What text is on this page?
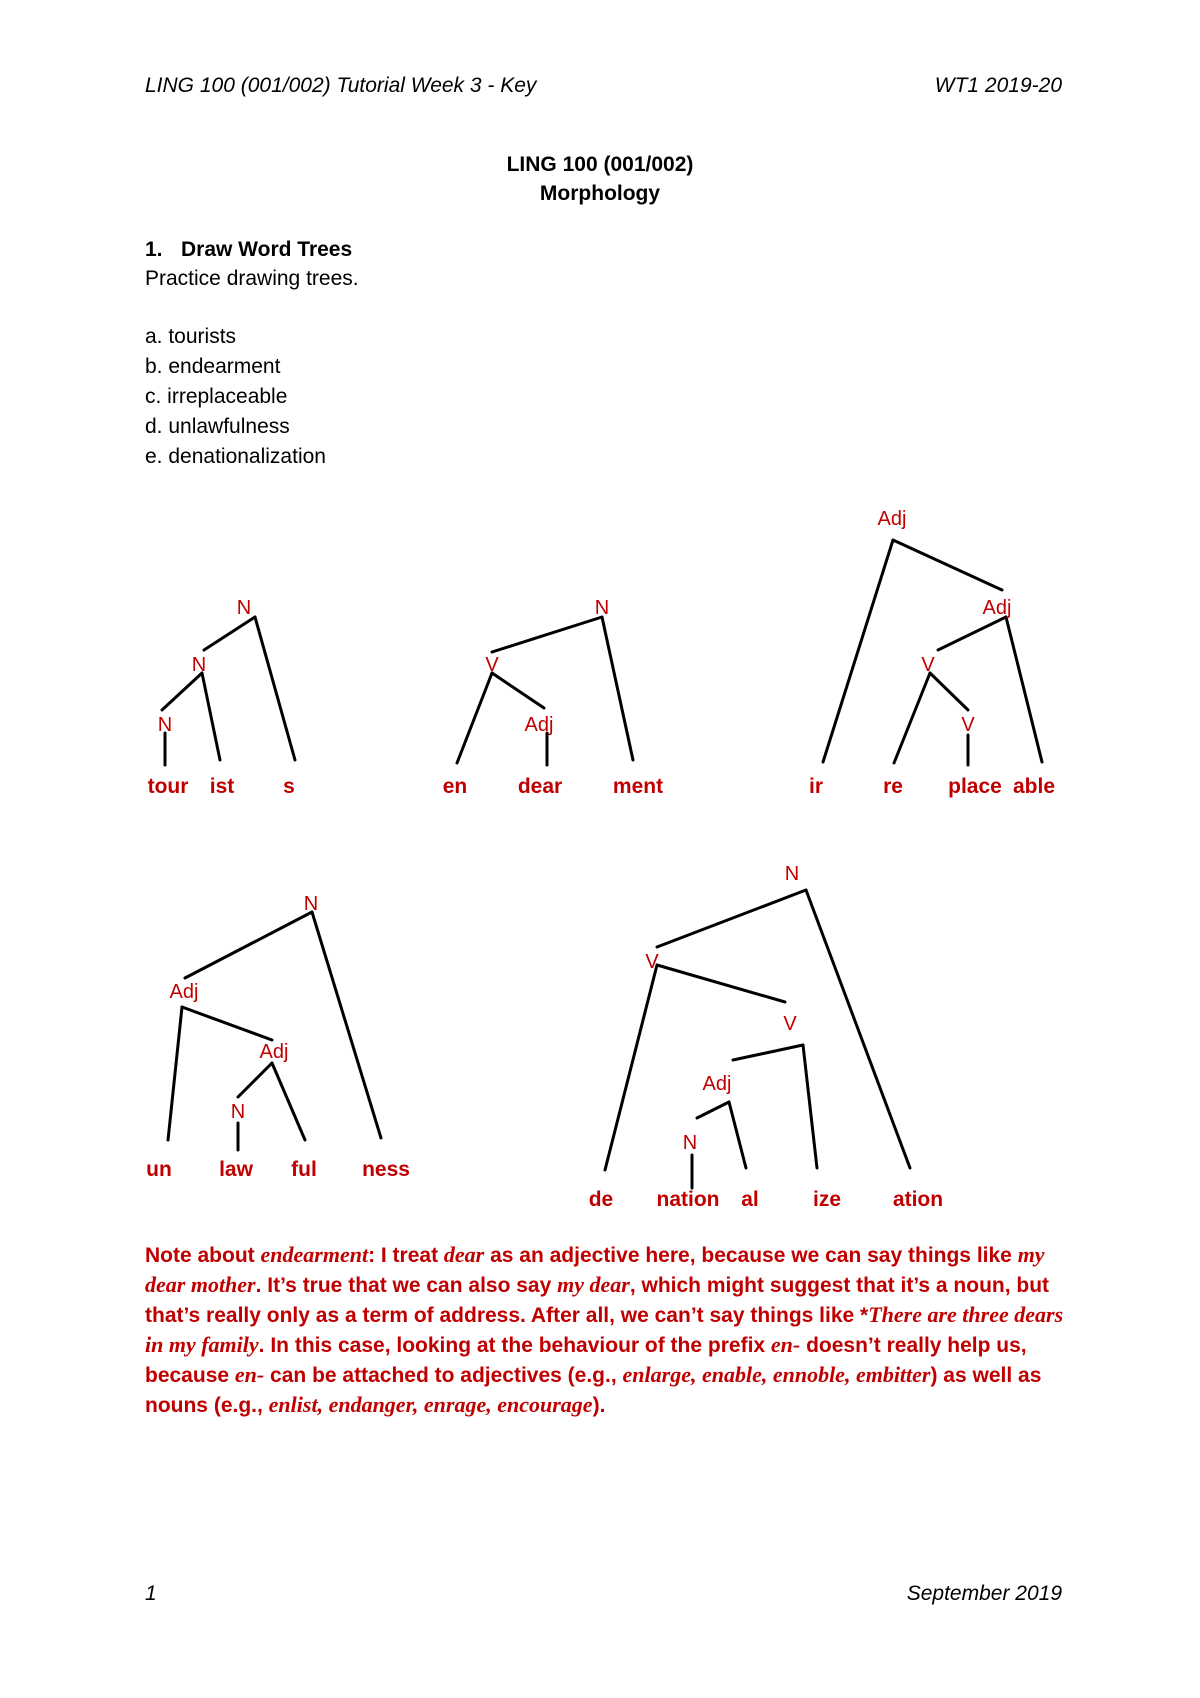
LING 100 (001/002) Tutorial Week 3 - Key	WT1 2019-20
LING 100 (001/002)
Morphology
1. Draw Word Trees
Practice drawing trees.
a. tourists
b. endearment
c. irreplaceable
d. unlawfulness
e. denationalization
N
N
N
tour ist s
N
V
Adj
en dear ment
Adj
Adj
V
V
ir	re place able
N
Adj
Adj
N
un law ful ness
N
V
V
Adj
N
de nation al	ize ation
Note about endearment: I treat dear as an adjective here, because we can say things like my dear mother. It’s true that we can also say my dear, which might suggest that it’s a noun, but that’s really only as a term of address. After all, we can’t say things like *There are three dears in my family. In this case, looking at the behaviour of the prefix en- doesn’t really help us, because en- can be attached to adjectives (e.g., enlarge, enable, ennoble, embitter) as well as nouns (e.g., enlist, endanger, enrage, encourage).
1	September 2019
